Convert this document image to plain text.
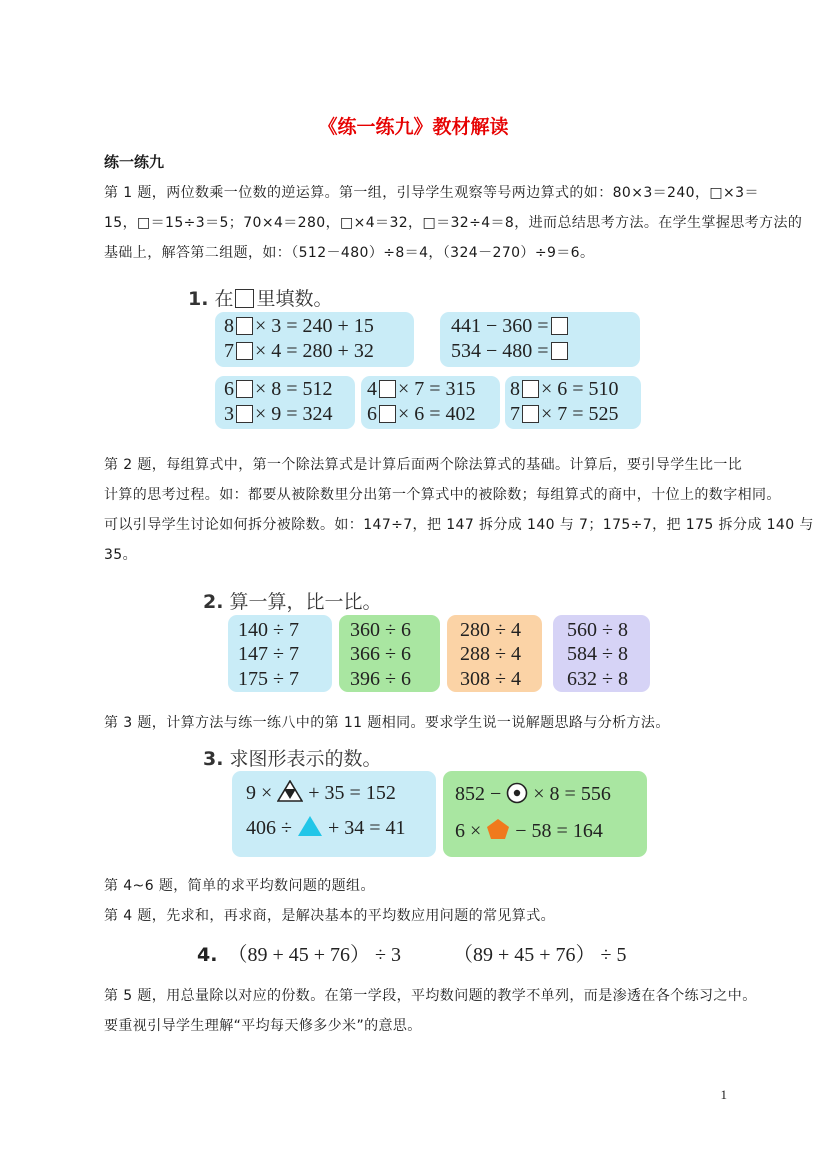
《练一练九》教材解读
练一练九
第 1 题，两位数乘一位数的逆运算。第一组，引导学生观察等号两边算式的如：80×3＝240，□×3＝
15，□＝15÷3＝5；70×4＝280，□×4＝32，□＝32÷4＝8，进而总结思考方法。在学生掌握思考方法的
基础上，解答第二组题，如：（512－480）÷8＝4，（324－270）÷9＝6。
1. 在 里填数。
8 × 3 = 240 + 15
7 × 4 = 280 + 32
441 − 360 =
534 − 480 =
6 × 8 = 512
3 × 9 = 324
4 × 7 = 315
6 × 6 = 402
8 × 6 = 510
7 × 7 = 525
第 2 题，每组算式中，第一个除法算式是计算后面两个除法算式的基础。计算后，要引导学生比一比
计算的思考过程。如：都要从被除数里分出第一个算式中的被除数；每组算式的商中，十位上的数字相同。
可以引导学生讨论如何拆分被除数。如：147÷7，把 147 拆分成 140 与 7；175÷7，把 175 拆分成 140 与
35。
2. 算一算，比一比。
140 ÷ 7
147 ÷ 7
175 ÷ 7
360 ÷ 6
366 ÷ 6
396 ÷ 6
280 ÷ 4
288 ÷ 4
308 ÷ 4
560 ÷ 8
584 ÷ 8
632 ÷ 8
第 3 题，计算方法与练一练八中的第 11 题相同。要求学生说一说解题思路与分析方法。
3. 求图形表示的数。
9 × + 35 = 152
406 ÷ + 34 = 41
852 − × 8 = 556
6 × − 58 = 164
第 4~6 题，简单的求平均数问题的题组。
第 4 题，先求和，再求商，是解决基本的平均数应用问题的常见算式。
4. （89 + 45 + 76） ÷ 3	（89 + 45 + 76） ÷ 5
第 5 题，用总量除以对应的份数。在第一学段，平均数问题的教学不单列，而是渗透在各个练习之中。
要重视引导学生理解“平均每天修多少米”的意思。
1
